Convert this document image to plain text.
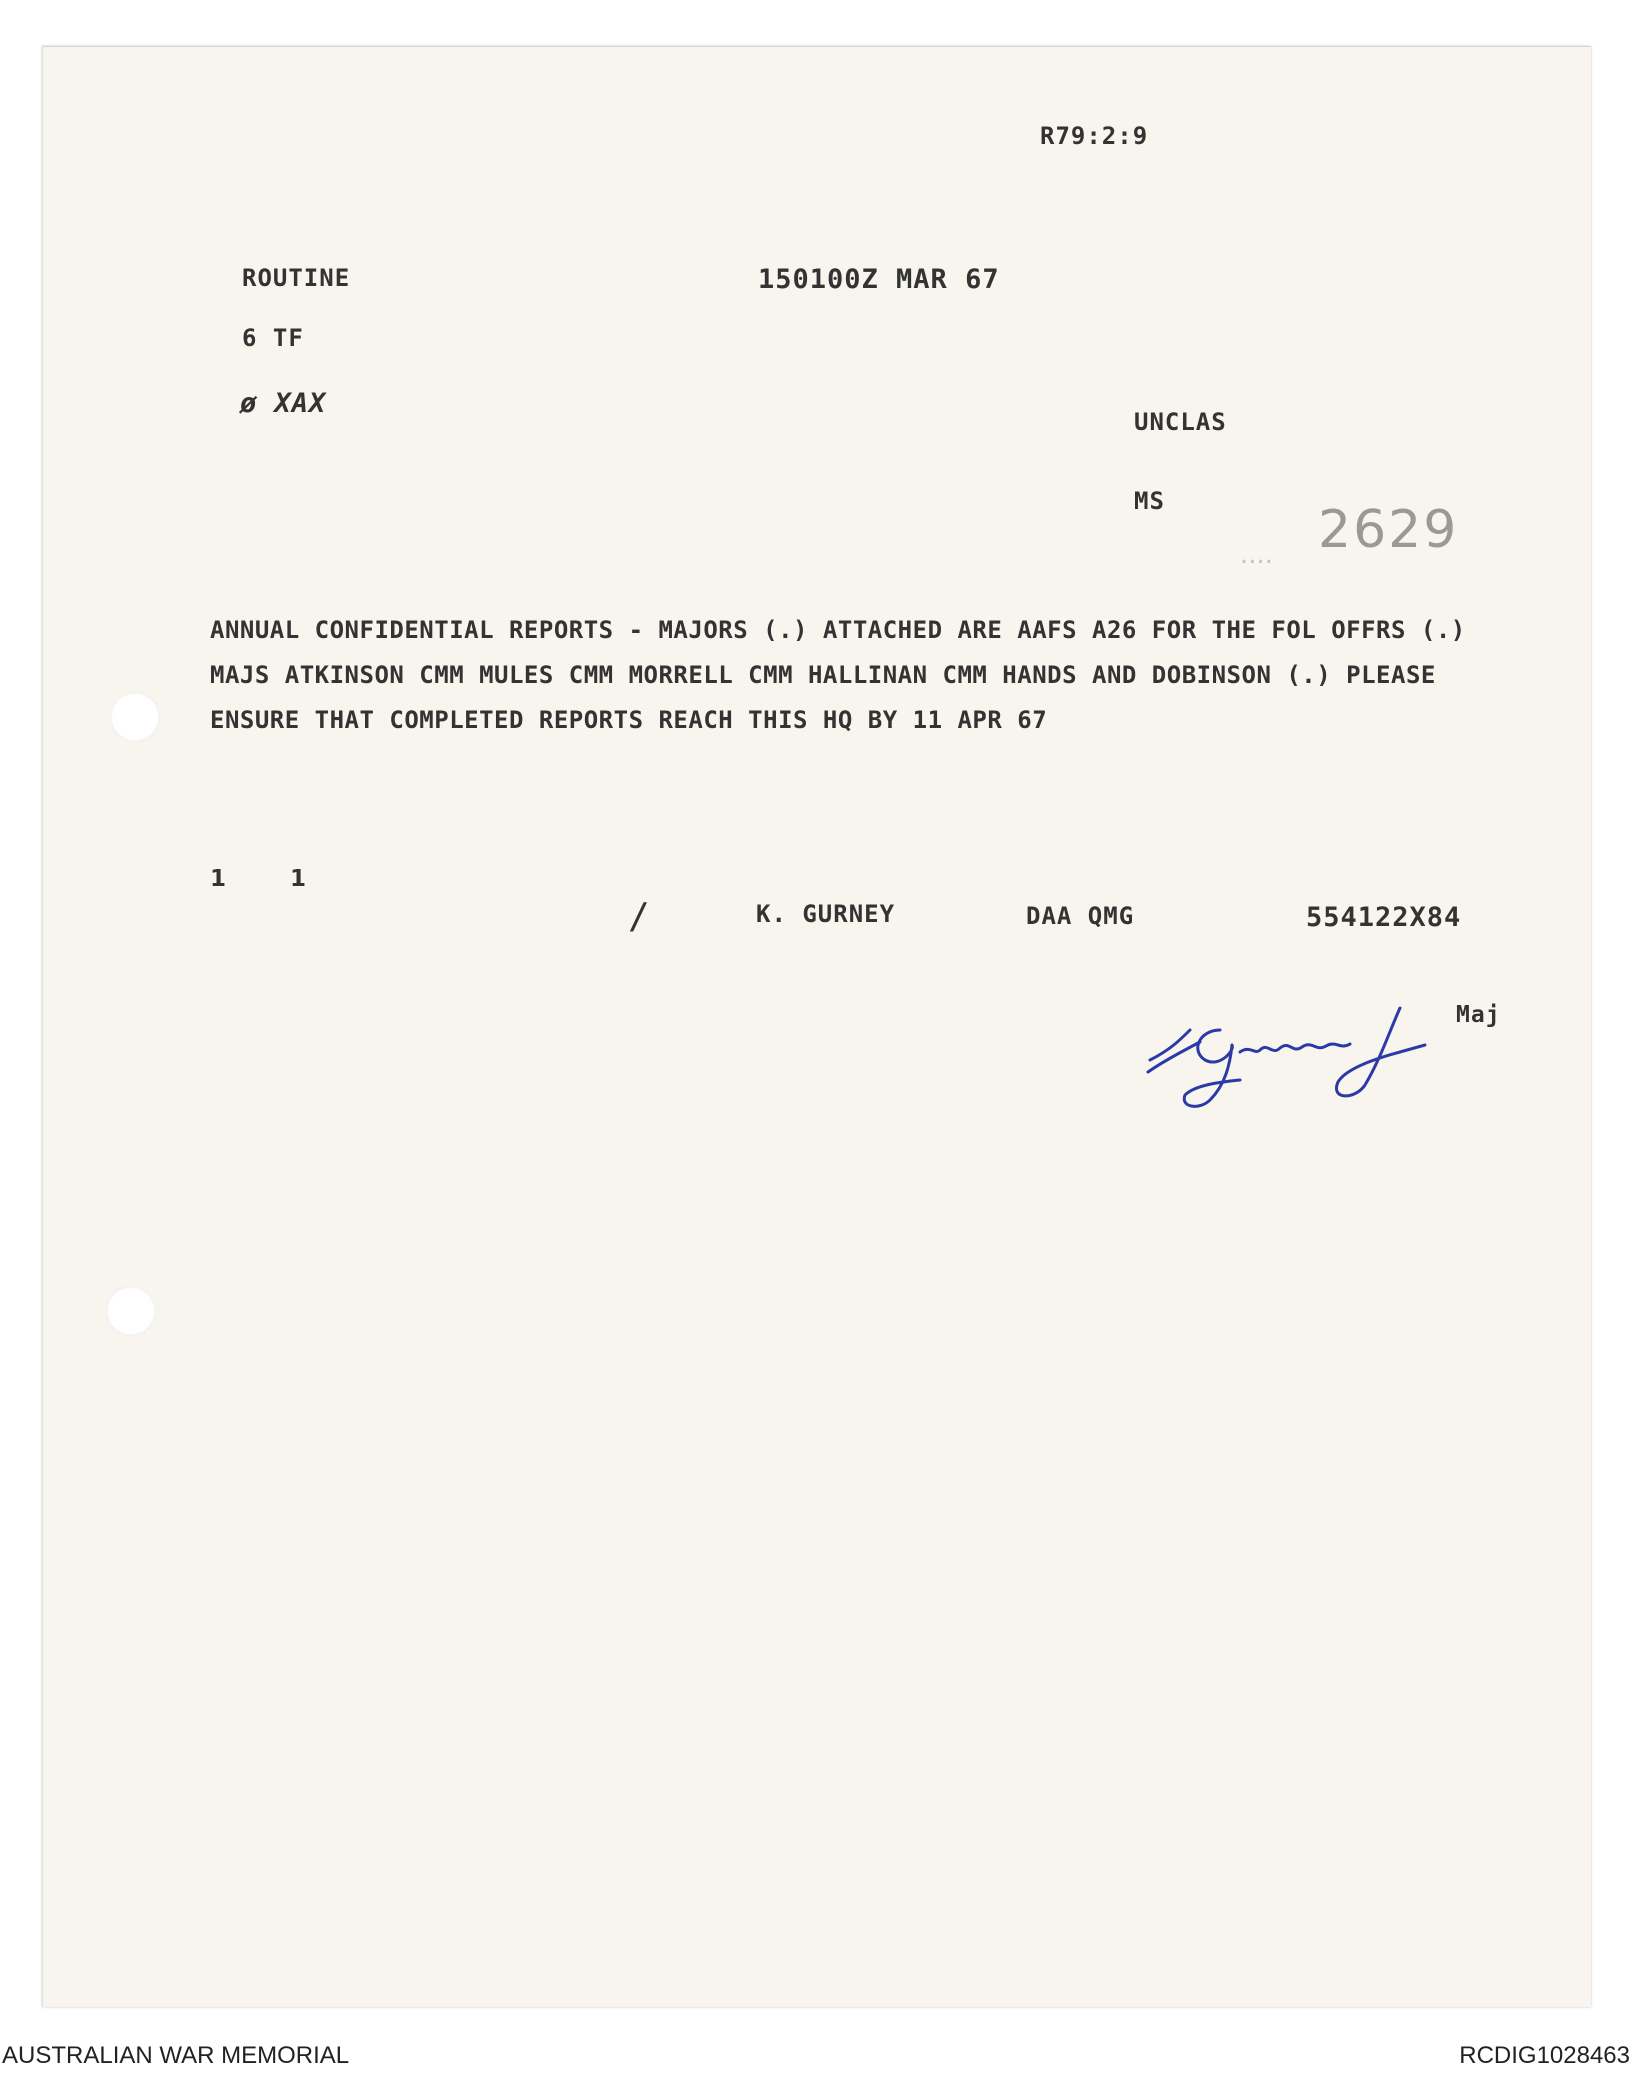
R79:2:9
ROUTINE	150100Z MAR 67
6 TF
ø XAX
UNCLAS
MS
.... 2629
ANNUAL CONFIDENTIAL REPORTS - MAJORS (.) ATTACHED ARE AAFS A26 FOR THE FOL OFFRS (.)
MAJS ATKINSON CMM MULES CMM MORRELL CMM HALLINAN CMM HANDS AND DOBINSON (.) PLEASE
ENSURE THAT COMPLETED REPORTS REACH THIS HQ BY 11 APR 67
1	1
/	K. GURNEY	DAA QMG	554122X84
Maj
AUSTRALIAN WAR MEMORIAL	RCDIG1028463
